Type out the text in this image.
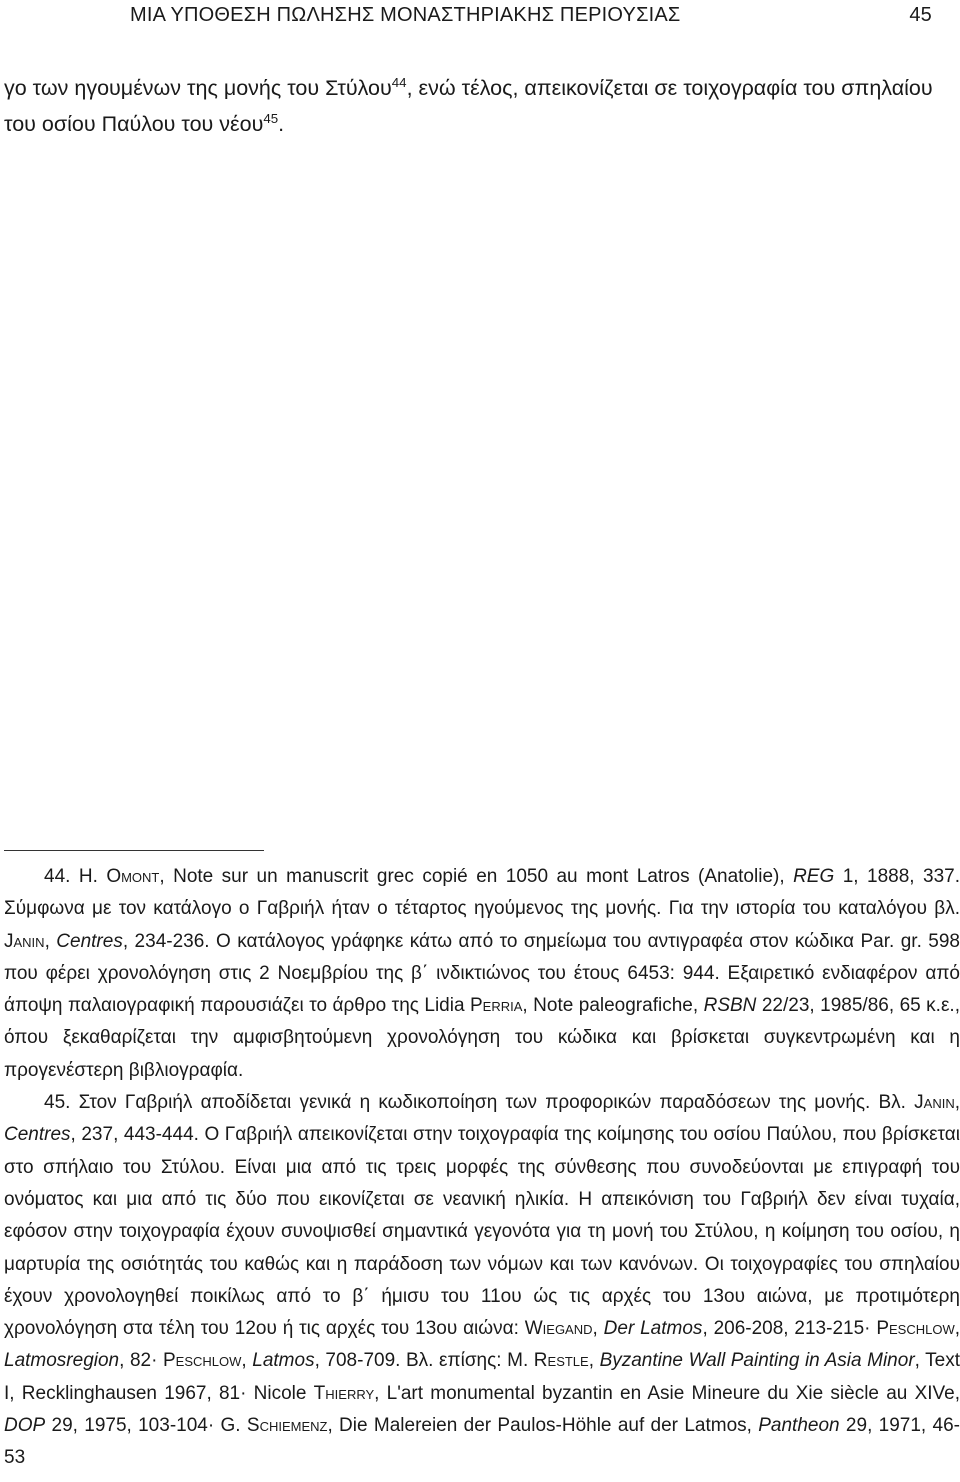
ΜΙΑ ΥΠΟΘΕΣΗ ΠΩΛΗΣΗΣ ΜΟΝΑΣΤΗΡΙΑΚΗΣ ΠΕΡΙΟΥΣΙΑΣ	45
γο των ηγουμένων της μονής του Στύλου$^{44}$, ενώ τέλος, απεικονίζεται σε τοιχογραφία του σπηλαίου του οσίου Παύλου του νέου$^{45}$.

44. H. Omont, Note sur un manuscrit grec copié en 1050 au mont Latros (Anatolie), REG 1, 1888, 337. Σύμφωνα με τον κατάλογο ο Γαβριήλ ήταν ο τέταρτος ηγούμενος της μονής. Για την ιστορία του καταλόγου βλ. Janin, Centres, 234-236. Ο κατάλογος γράφηκε κάτω από το σημείωμα του αντιγραφέα στον κώδικα Par. gr. 598 που φέρει χρονολόγηση στις 2 Νοεμβρίου της β΄ ινδικτιώνος του έτους 6453: 944. Εξαιρετικό ενδιαφέρον από άποψη παλαιογραφική παρουσιάζει το άρθρο της Lidia Perria, Note paleografiche, RSBN 22/23, 1985/86, 65 κ.ε., όπου ξεκαθαρίζεται την αμφισβητούμενη χρονολόγηση του κώδικα και βρίσκεται συγκεντρωμένη και η προγενέστερη βιβλιογραφία.

45. Στον Γαβριήλ αποδίδεται γενικά η κωδικοποίηση των προφορικών παραδόσεων της μονής. Βλ. Janin, Centres, 237, 443-444. Ο Γαβριήλ απεικονίζεται στην τοιχογραφία της κοίμησης του οσίου Παύλου, που βρίσκεται στο σπήλαιο του Στύλου. Είναι μια από τις τρεις μορφές της σύνθεσης που συνοδεύονται με επιγραφή του ονόματος και μια από τις δύο που εικονίζεται σε νεανική ηλικία. Η απεικόνιση του Γαβριήλ δεν είναι τυχαία, εφόσον στην τοιχογραφία έχουν συνοψισθεί σημαντικά γεγονότα για τη μονή του Στύλου, η κοίμηση του οσίου, η μαρτυρία της οσιότητάς του καθώς και η παράδοση των νόμων και των κανόνων. Οι τοιχογραφίες του σπηλαίου έχουν χρονολογηθεί ποικίλως από το β΄ ήμισυ του 11ου ώς τις αρχές του 13ου αιώνα, με προτιμότερη χρονολόγηση στα τέλη του 12ου ή τις αρχές του 13ου αιώνα: Wiegand, Der Latmos, 206-208, 213-215· Peschlow, Latmosregion, 82· Peschlow, Latmos, 708-709. Βλ. επίσης: M. Restle, Byzantine Wall Painting in Asia Minor, Text I, Recklinghausen 1967, 81· Nicole Thierry, L'art monumental byzantin en Asie Mineure du Xie siècle au XIVe, DOP 29, 1975, 103-104· G. Schiemenz, Die Malereien der Paulos-Höhle auf der Latmos, Pantheon 29, 1971, 46-53
